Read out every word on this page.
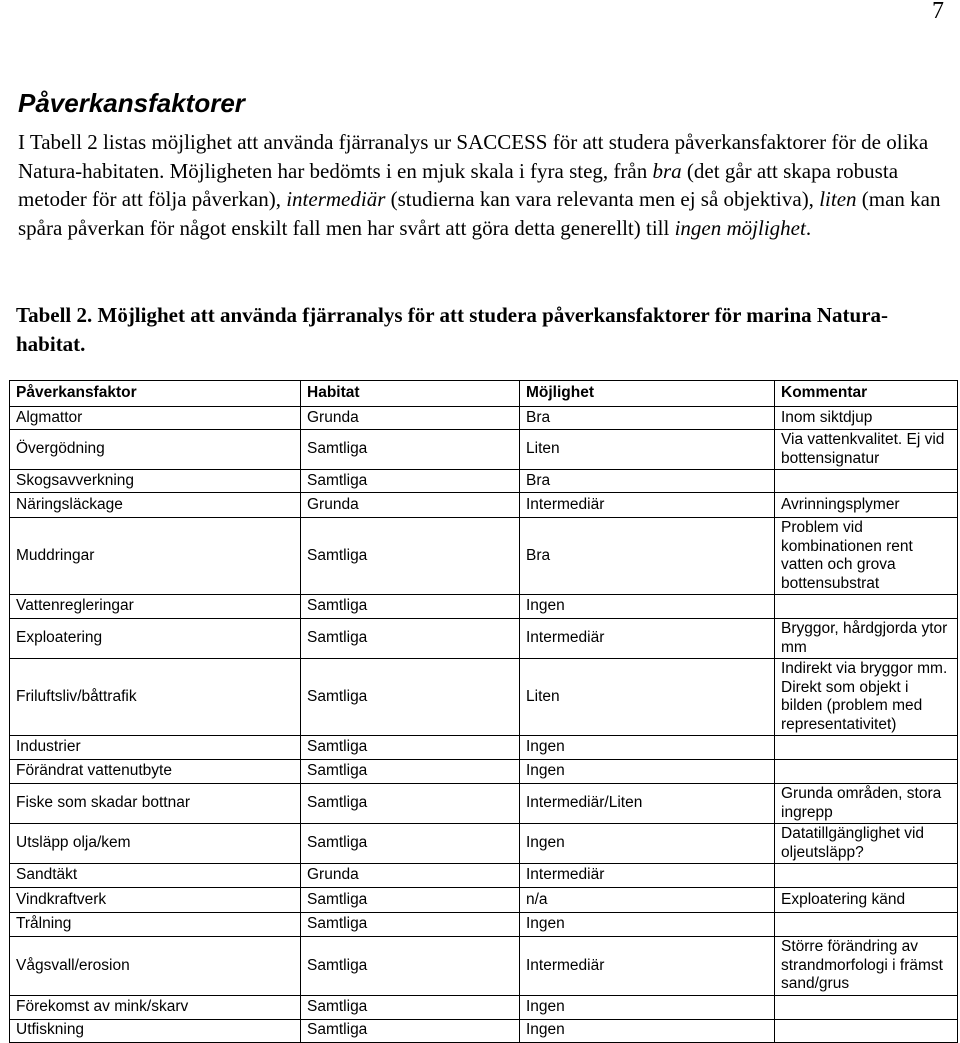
7
Påverkansfaktorer

I Tabell 2 listas möjlighet att använda fjärranalys ur SACCESS för att studera påverkansfaktorer för de olika Natura-habitaten. Möjligheten har bedömts i en mjuk skala i fyra steg, från bra (det går att skapa robusta metoder för att följa påverkan), intermediär (studierna kan vara relevanta men ej så objektiva), liten (man kan spåra påverkan för något enskilt fall men har svårt att göra detta generellt) till ingen möjlighet.

Tabell 2. Möjlighet att använda fjärranalys för att studera påverkansfaktorer för marina Natura-habitat.

Påverkansfaktor	Habitat	Möjlighet	Kommentar
Algmattor	Grunda	Bra	Inom siktdjup
Övergödning	Samtliga	Liten	Via vattenkvalitet. Ej vid bottensignatur
Skogsavverkning	Samtliga	Bra	
Näringsläckage	Grunda	Intermediär	Avrinningsplymer
Muddringar	Samtliga	Bra	Problem vid kombinationen rent vatten och grova bottensubstrat
Vattenregleringar	Samtliga	Ingen	
Exploatering	Samtliga	Intermediär	Bryggor, hårdgjorda ytor mm
Friluftsliv/båttrafik	Samtliga	Liten	Indirekt via bryggor mm. Direkt som objekt i bilden (problem med representativitet)
Industrier	Samtliga	Ingen	
Förändrat vattenutbyte	Samtliga	Ingen	
Fiske som skadar bottnar	Samtliga	Intermediär/Liten	Grunda områden, stora ingrepp
Utsläpp olja/kem	Samtliga	Ingen	Datatillgänglighet vid oljeutsläpp?
Sandtäkt	Grunda	Intermediär	
Vindkraftverk	Samtliga	n/a	Exploatering känd
Trålning	Samtliga	Ingen	
Vågsvall/erosion	Samtliga	Intermediär	Större förändring av strandmorfologi i främst sand/grus
Förekomst av mink/skarv	Samtliga	Ingen	
Utfiskning	Samtliga	Ingen	
